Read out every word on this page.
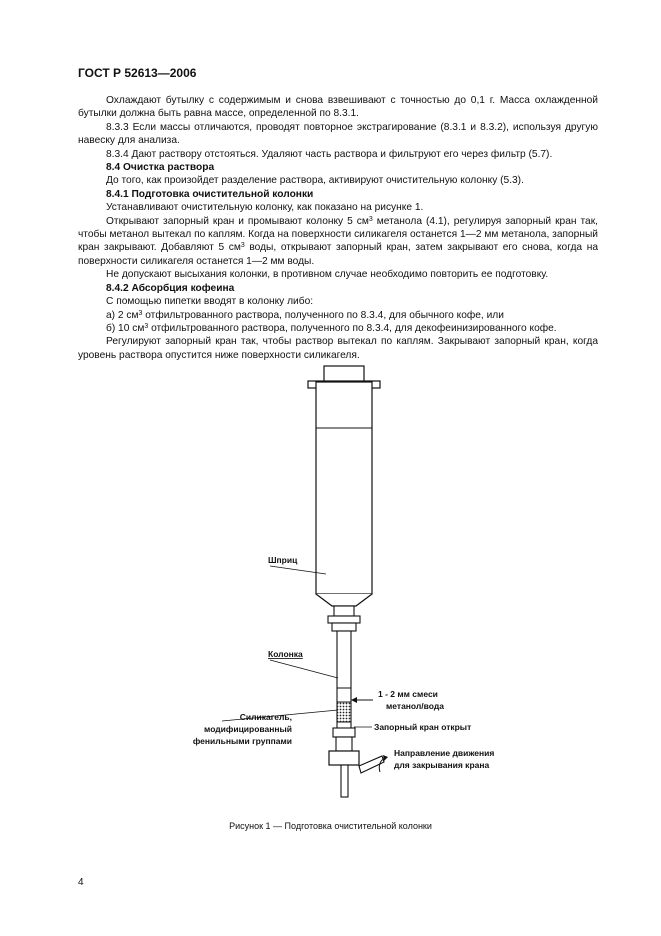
ГОСТ Р 52613—2006

Охлаждают бутылку с содержимым и снова взвешивают с точностью до 0,1 г. Масса охлажденной бутылки должна быть равна массе, определенной по 8.3.1.

8.3.3 Если массы отличаются, проводят повторное экстрагирование (8.3.1 и 8.3.2), используя другую навеску для анализа.

8.3.4 Дают раствору отстояться. Удаляют часть раствора и фильтруют его через фильтр (5.7).

8.4 Очистка раствора

До того, как произойдет разделение раствора, активируют очистительную колонку (5.3).

8.4.1 Подготовка очистительной колонки

Устанавливают очистительную колонку, как показано на рисунке 1.

Открывают запорный кран и промывают колонку 5 $см^3$ метанола (4.1), регулируя запорный кран так, чтобы метанол вытекал по каплям. Когда на поверхности силикагеля останется 1—2 мм метанола, запорный кран закрывают. Добавляют 5 $см^3$ воды, открывают запорный кран, затем закрывают его снова, когда на поверхности силикагеля останется 1—2 мм воды.

Не допускают высыхания колонки, в противном случае необходимо повторить ее подготовку.

8.4.2 Абсорбция кофеина

С помощью пипетки вводят в колонку либо:

а) 2 $см^3$ отфильтрованного раствора, полученного по 8.3.4, для обычного кофе, или

б) 10 $см^3$ отфильтрованного раствора, полученного по 8.3.4, для декофеинизированного кофе.

Регулируют запорный кран так, чтобы раствор вытекал по каплям. Закрывают запорный кран, когда уровень раствора опустится ниже поверхности силикагеля.

Шприц
Колонка
Силикагель,
модифицированный
фенильными группами
1 - 2 мм смеси
метанол/вода
Запорный кран открыт
Направление движения
для закрывания крана
Рисунок 1 — Подготовка очистительной колонки
4
